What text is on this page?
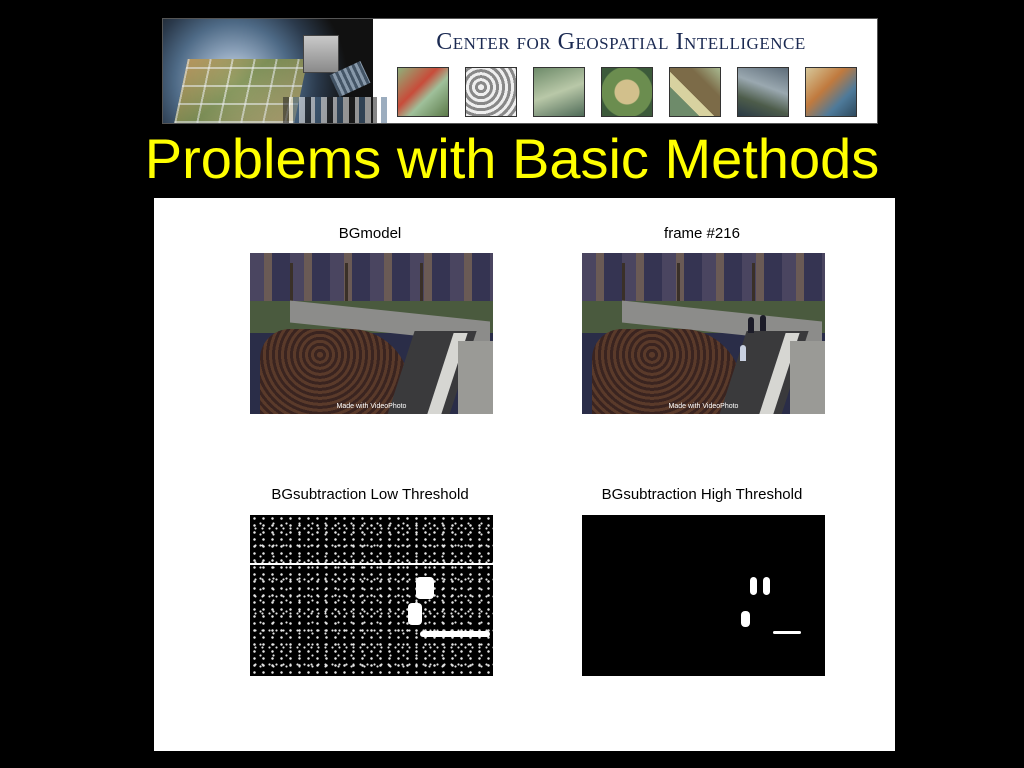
Center for Geospatial Intelligence
Problems with Basic Methods
BGmodel
Made with VideoPhoto
frame #216
Made with VideoPhoto
BGsubtraction Low Threshold	BGsubtraction High Threshold
